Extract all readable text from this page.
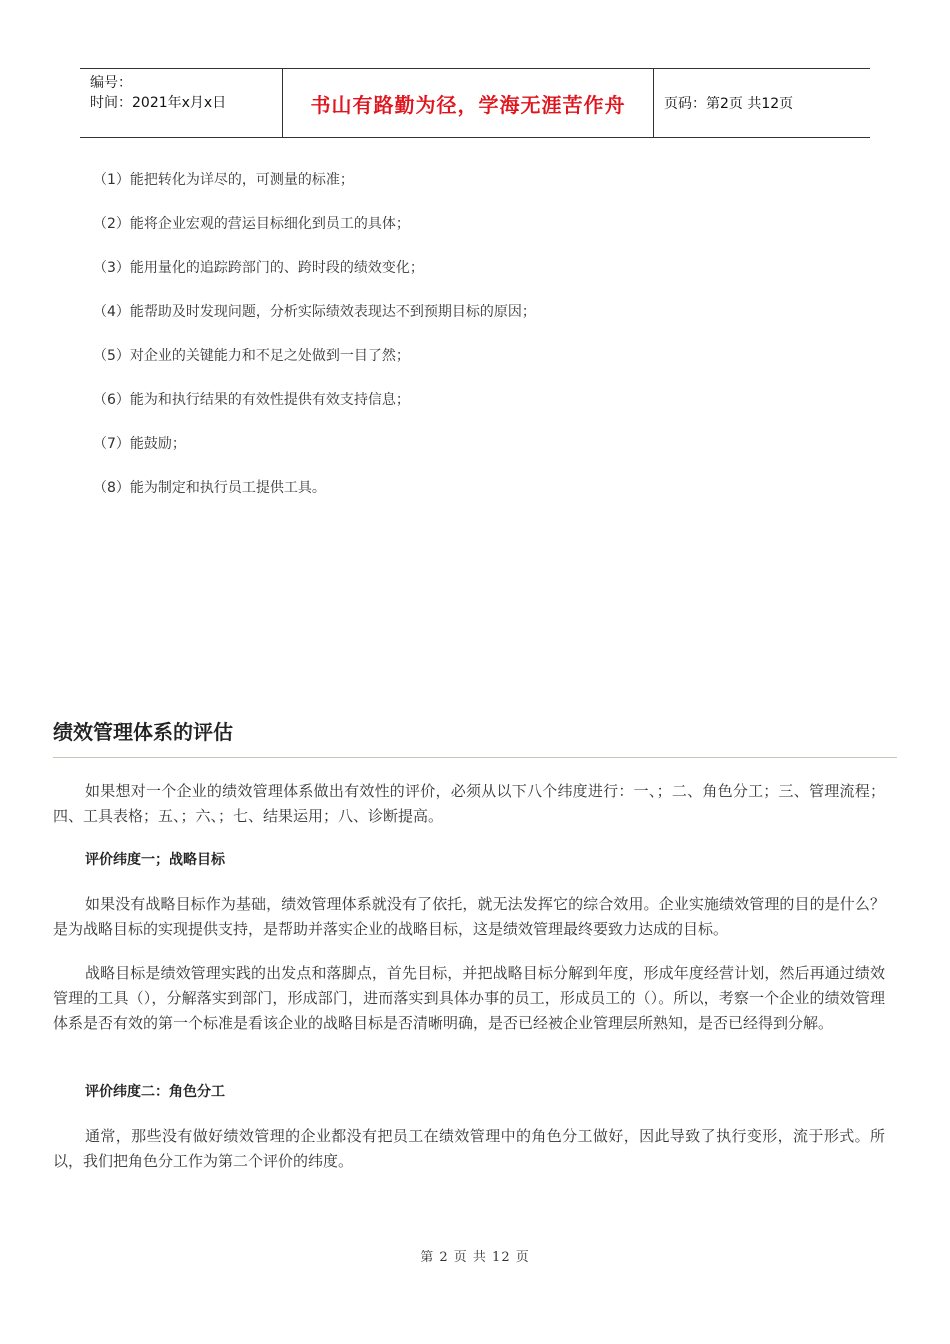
编号：
时间：2021年x月x日	书山有路勤为径，学海无涯苦作舟	页码：第2页 共12页
（1）能把转化为详尽的，可测量的标准；
（2）能将企业宏观的营运目标细化到员工的具体；
（3）能用量化的追踪跨部门的、跨时段的绩效变化；
（4）能帮助及时发现问题，分析实际绩效表现达不到预期目标的原因；
（5）对企业的关键能力和不足之处做到一目了然；
（6）能为和执行结果的有效性提供有效支持信息；
（7）能鼓励；
（8）能为制定和执行员工提供工具。
绩效管理体系的评估

如果想对一个企业的绩效管理体系做出有效性的评价，必须从以下八个纬度进行：一、；二、角色分工；三、管理流程；四、工具表格；五、；六、；七、结果运用；八、诊断提高。

评价纬度一；战略目标

如果没有战略目标作为基础，绩效管理体系就没有了依托，就无法发挥它的综合效用。企业实施绩效管理的目的是什么？是为战略目标的实现提供支持，是帮助并落实企业的战略目标，这是绩效管理最终要致力达成的目标。

战略目标是绩效管理实践的出发点和落脚点，首先目标，并把战略目标分解到年度，形成年度经营计划，然后再通过绩效管理的工具（），分解落实到部门，形成部门，进而落实到具体办事的员工，形成员工的（）。所以，考察一个企业的绩效管理体系是否有效的第一个标准是看该企业的战略目标是否清晰明确，是否已经被企业管理层所熟知，是否已经得到分解。

评价纬度二：角色分工

通常，那些没有做好绩效管理的企业都没有把员工在绩效管理中的角色分工做好，因此导致了执行变形，流于形式。所以，我们把角色分工作为第二个评价的纬度。

第 2 页 共 12 页
